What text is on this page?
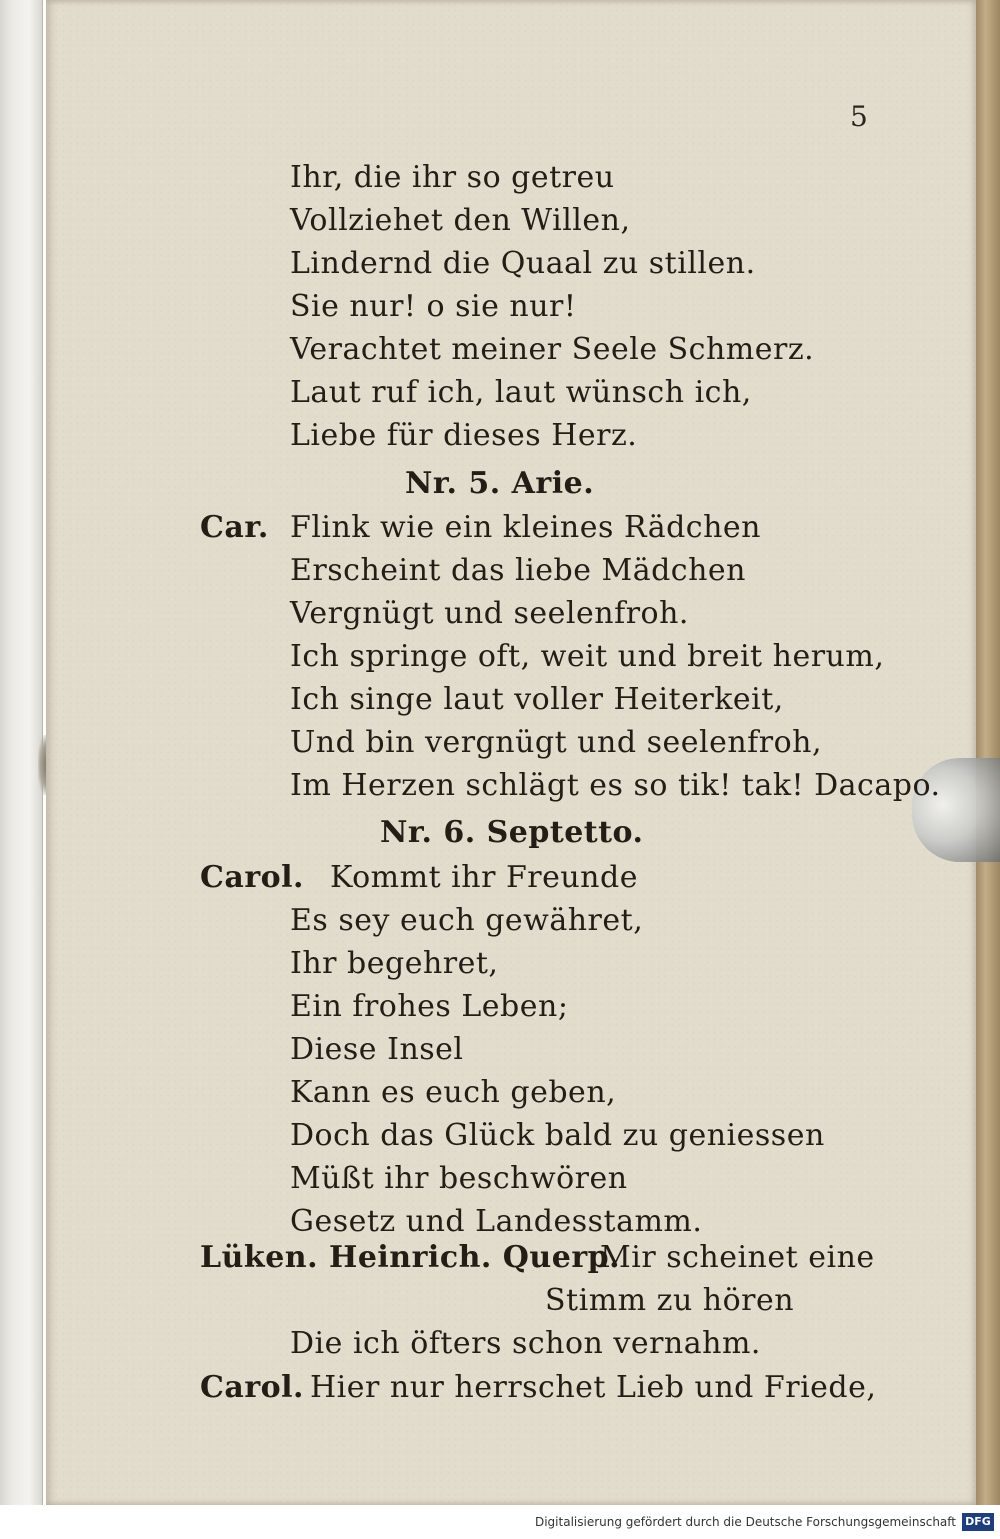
5
Ihr, die ihr so getreu
Vollziehet den Willen,
Lindernd die Quaal zu stillen.
Sie nur! o sie nur!
Verachtet meiner Seele Schmerz.
Laut ruf ich, laut wünsch ich,
Liebe für dieses Herz.
Nr. 5. Arie.
Car. Flink wie ein kleines Rädchen
Erscheint das liebe Mädchen
Vergnügt und seelenfroh.
Ich springe oft, weit und breit herum,
Ich singe laut voller Heiterkeit,
Und bin vergnügt und seelenfroh,
Im Herzen schlägt es so tik! tak! Dacapo.
Nr. 6. Septetto.
Carol. Kommt ihr Freunde
Es sey euch gewähret,
Ihr begehret,
Ein frohes Leben;
Diese Insel
Kann es euch geben,
Doch das Glück bald zu geniessen
Müßt ihr beschwören
Gesetz und Landesstamm.
Lüken. Heinrich. Querp.
Mir scheinet eine
Stimm zu hören
Die ich öfters schon vernahm.
Carol. Hier nur herrschet Lieb und Friede,
Digitalisierung gefördert durch die Deutsche Forschungsgemeinschaft DFG
